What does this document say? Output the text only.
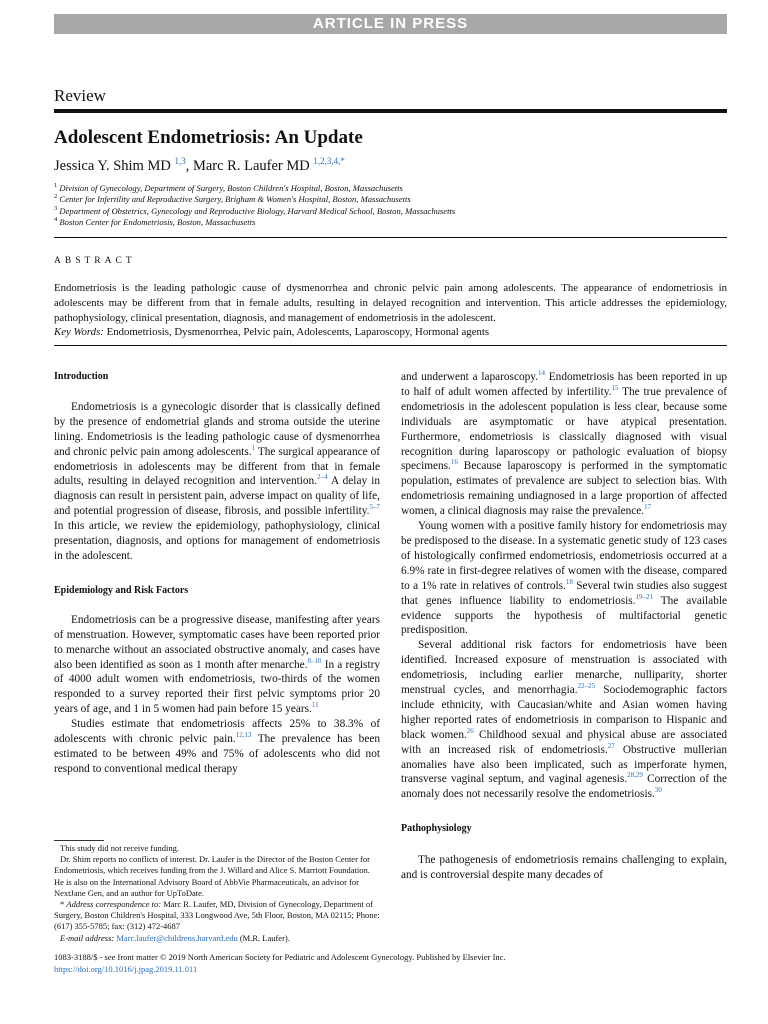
ARTICLE IN PRESS
Review
Adolescent Endometriosis: An Update
Jessica Y. Shim MD $^{1,3}$, Marc R. Laufer MD $^{1,2,3,4,*}$
$^1$ Division of Gynecology, Department of Surgery, Boston Children's Hospital, Boston, Massachusetts
$^2$ Center for Infertility and Reproductive Surgery, Brigham & Women's Hospital, Boston, Massachusetts
$^3$ Department of Obstetrics, Gynecology and Reproductive Biology, Harvard Medical School, Boston, Massachusetts
$^4$ Boston Center for Endometriosis, Boston, Massachusetts
ABSTRACT
Endometriosis is the leading pathologic cause of dysmenorrhea and chronic pelvic pain among adolescents. The appearance of endometriosis in adolescents may be different from that in female adults, resulting in delayed recognition and intervention. This article addresses the epidemiology, pathophysiology, clinical presentation, diagnosis, and management of endometriosis in the adolescent.
Key Words: Endometriosis, Dysmenorrhea, Pelvic pain, Adolescents, Laparoscopy, Hormonal agents
Introduction

Endometriosis is a gynecologic disorder that is classically defined by the presence of endometrial glands and stroma outside the uterine lining. Endometriosis is the leading pathologic cause of dysmenorrhea and chronic pelvic pain among adolescents.$^1$ The surgical appearance of endometriosis in adolescents may be different from that in female adults, resulting in delayed recognition and intervention.$^{2-4}$ A delay in diagnosis can result in persistent pain, adverse impact on quality of life, and potential progression of disease, fibrosis, and possible infertility.$^{5-7}$ In this article, we review the epidemiology, pathophysiology, clinical presentation, diagnosis, and options for management of endometriosis in the adolescent.

Epidemiology and Risk Factors

Endometriosis can be a progressive disease, manifesting after years of menstruation. However, symptomatic cases have been reported prior to menarche without an associated obstructive anomaly, and cases have also been identified as soon as 1 month after menarche.$^{8-10}$ In a registry of 4000 adult women with endometriosis, two-thirds of the women responded to a survey reported their first pelvic symptoms prior 20 years of age, and 1 in 5 women had pain before 15 years.$^{11}$

Studies estimate that endometriosis affects 25% to 38.3% of adolescents with chronic pelvic pain.$^{12,13}$ The prevalence has been estimated to be between 49% and 75% of adolescents who did not respond to conventional medical therapy

This study did not receive funding.

Dr. Shim reports no conflicts of interest. Dr. Laufer is the Director of the Boston Center for Endometriosis, which receives funding from the J. Willard and Alice S. Marriott Foundation. He is also on the International Advisory Board of AbbVie Pharmaceuticals, an advisor for NextJane Gen, and an author for UpToDate.

* Address correspondence to: Marc R. Laufer, MD, Division of Gynecology, Department of Surgery, Boston Children's Hospital, 333 Longwood Ave, 5th Floor, Boston, MA 02115; Phone: (617) 355-5785; fax: (312) 472-4687

E-mail address: Marc.laufer@childrens.harvard.edu (M.R. Laufer).

and underwent a laparoscopy.$^{14}$ Endometriosis has been reported in up to half of adult women affected by infertility.$^{15}$ The true prevalence of endometriosis in the adolescent population is less clear, because some individuals are asymptomatic or have atypical presentation. Furthermore, endometriosis is classically diagnosed with visual recognition during laparoscopy or pathologic evaluation of biopsy specimens.$^{16}$ Because laparoscopy is performed in the symptomatic population, estimates of prevalence are subject to selection bias. With endometriosis remaining undiagnosed in a large proportion of affected women, a clinical diagnosis may raise the prevalence.$^{17}$

Young women with a positive family history for endometriosis may be predisposed to the disease. In a systematic genetic study of 123 cases of histologically confirmed endometriosis, endometriosis occurred at a 6.9% rate in first-degree relatives of women with the disease, compared to a 1% rate in relatives of controls.$^{18}$ Several twin studies also suggest that genes influence liability to endometriosis.$^{19-21}$ The available evidence supports the hypothesis of multifactorial genetic predisposition.

Several additional risk factors for endometriosis have been identified. Increased exposure of menstruation is associated with endometriosis, including earlier menarche, nulliparity, shorter menstrual cycles, and menorrhagia.$^{22-25}$ Sociodemographic factors include ethnicity, with Caucasian/white and Asian women having higher reported rates of endometriosis in comparison to Hispanic and black women.$^{26}$ Childhood sexual and physical abuse are associated with an increased risk of endometriosis.$^{27}$ Obstructive mullerian anomalies have also been implicated, such as imperforate hymen, transverse vaginal septum, and vaginal agenesis.$^{28,29}$ Correction of the anomaly does not necessarily resolve the endometriosis.$^{30}$

Pathophysiology

The pathogenesis of endometriosis remains challenging to explain, and is controversial despite many decades of

1083-3188/$ - see front matter © 2019 North American Society for Pediatric and Adolescent Gynecology. Published by Elsevier Inc.
https://doi.org/10.1016/j.jpag.2019.11.011
